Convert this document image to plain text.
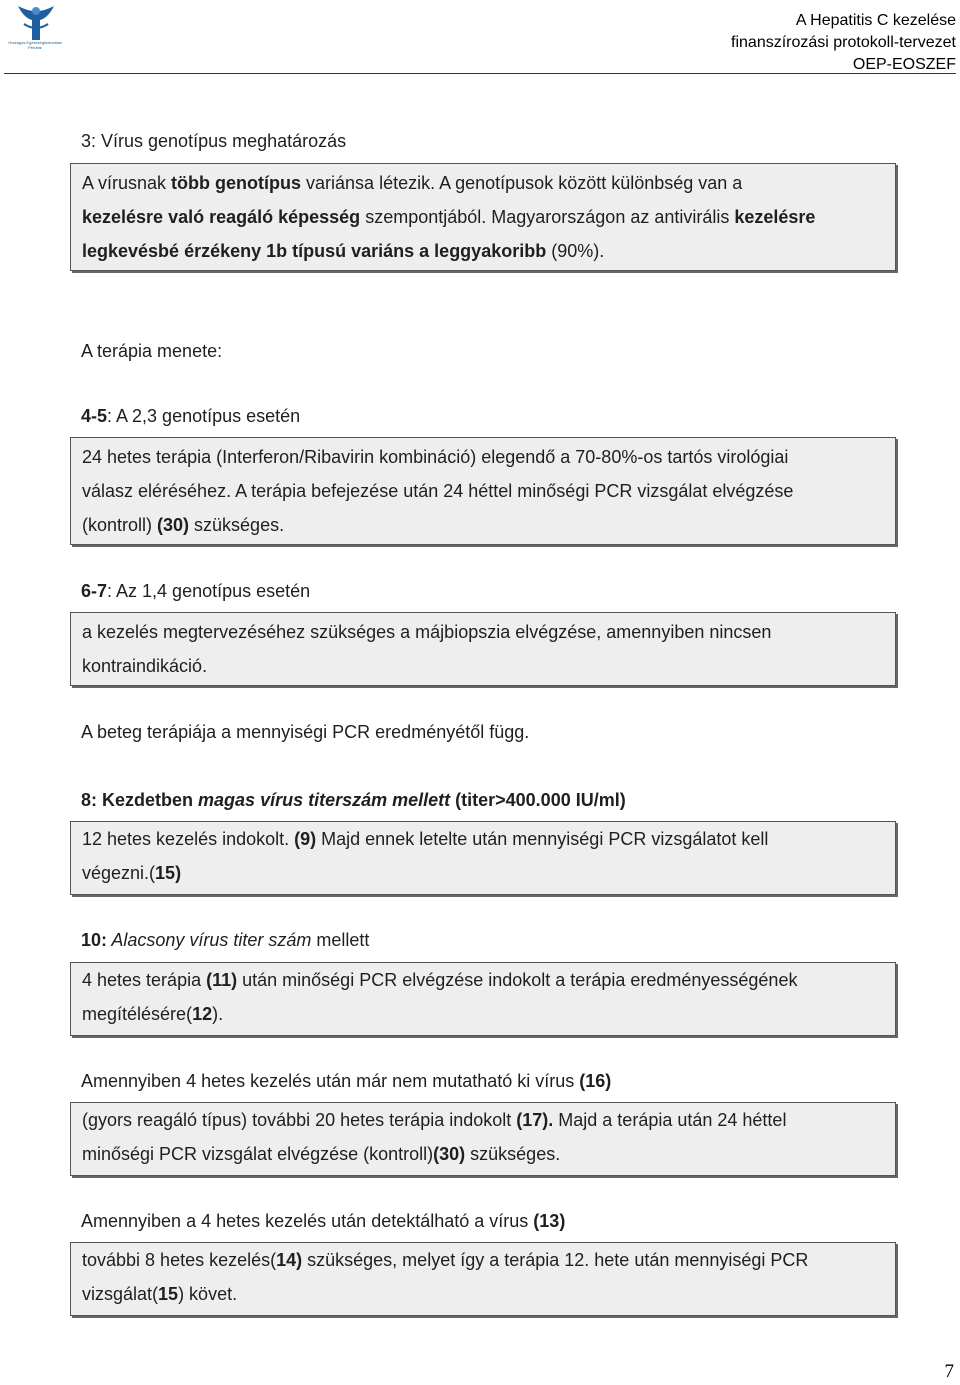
Országos Egészségbiztosítási Pénztár
A Hepatitis C kezelése
finanszírozási protokoll-tervezet
OEP-EOSZEF
3: Vírus genotípus meghatározás

A vírusnak több genotípus variánsa létezik. A genotípusok között különbség van a

kezelésre való reagáló képesség szempontjából. Magyarországon az antivirális kezelésre

legkevésbé érzékeny 1b típusú variáns a leggyakoribb (90%).

A terápia menete:
4-5: A 2,3 genotípus esetén

24 hetes terápia (Interferon/Ribavirin kombináció) elegendő a 70-80%-os tartós virológiai

válasz eléréséhez. A terápia befejezése után 24 héttel minőségi PCR vizsgálat elvégzése

(kontroll) (30) szükséges.

6-7: Az 1,4 genotípus esetén

a kezelés megtervezéséhez szükséges a májbiopszia elvégzése, amennyiben nincsen

kontraindikáció.

A beteg terápiája a mennyiségi PCR eredményétől függ.
8: Kezdetben magas vírus titerszám mellett (titer>400.000 IU/ml)

12 hetes kezelés indokolt. (9) Majd ennek letelte után mennyiségi PCR vizsgálatot kell

végezni.(15)

10: Alacsony vírus titer szám mellett

4 hetes terápia (11) után minőségi PCR elvégzése indokolt a terápia eredményességének

megítélésére(12).

Amennyiben 4 hetes kezelés után már nem mutatható ki vírus (16)

(gyors reagáló típus) további 20 hetes terápia indokolt (17). Majd a terápia után 24 héttel

minőségi PCR vizsgálat elvégzése (kontroll)(30) szükséges.

Amennyiben a 4 hetes kezelés után detektálható a vírus (13)

további 8 hetes kezelés(14) szükséges, melyet így a terápia 12. hete után mennyiségi PCR

vizsgálat(15) követ.

7
